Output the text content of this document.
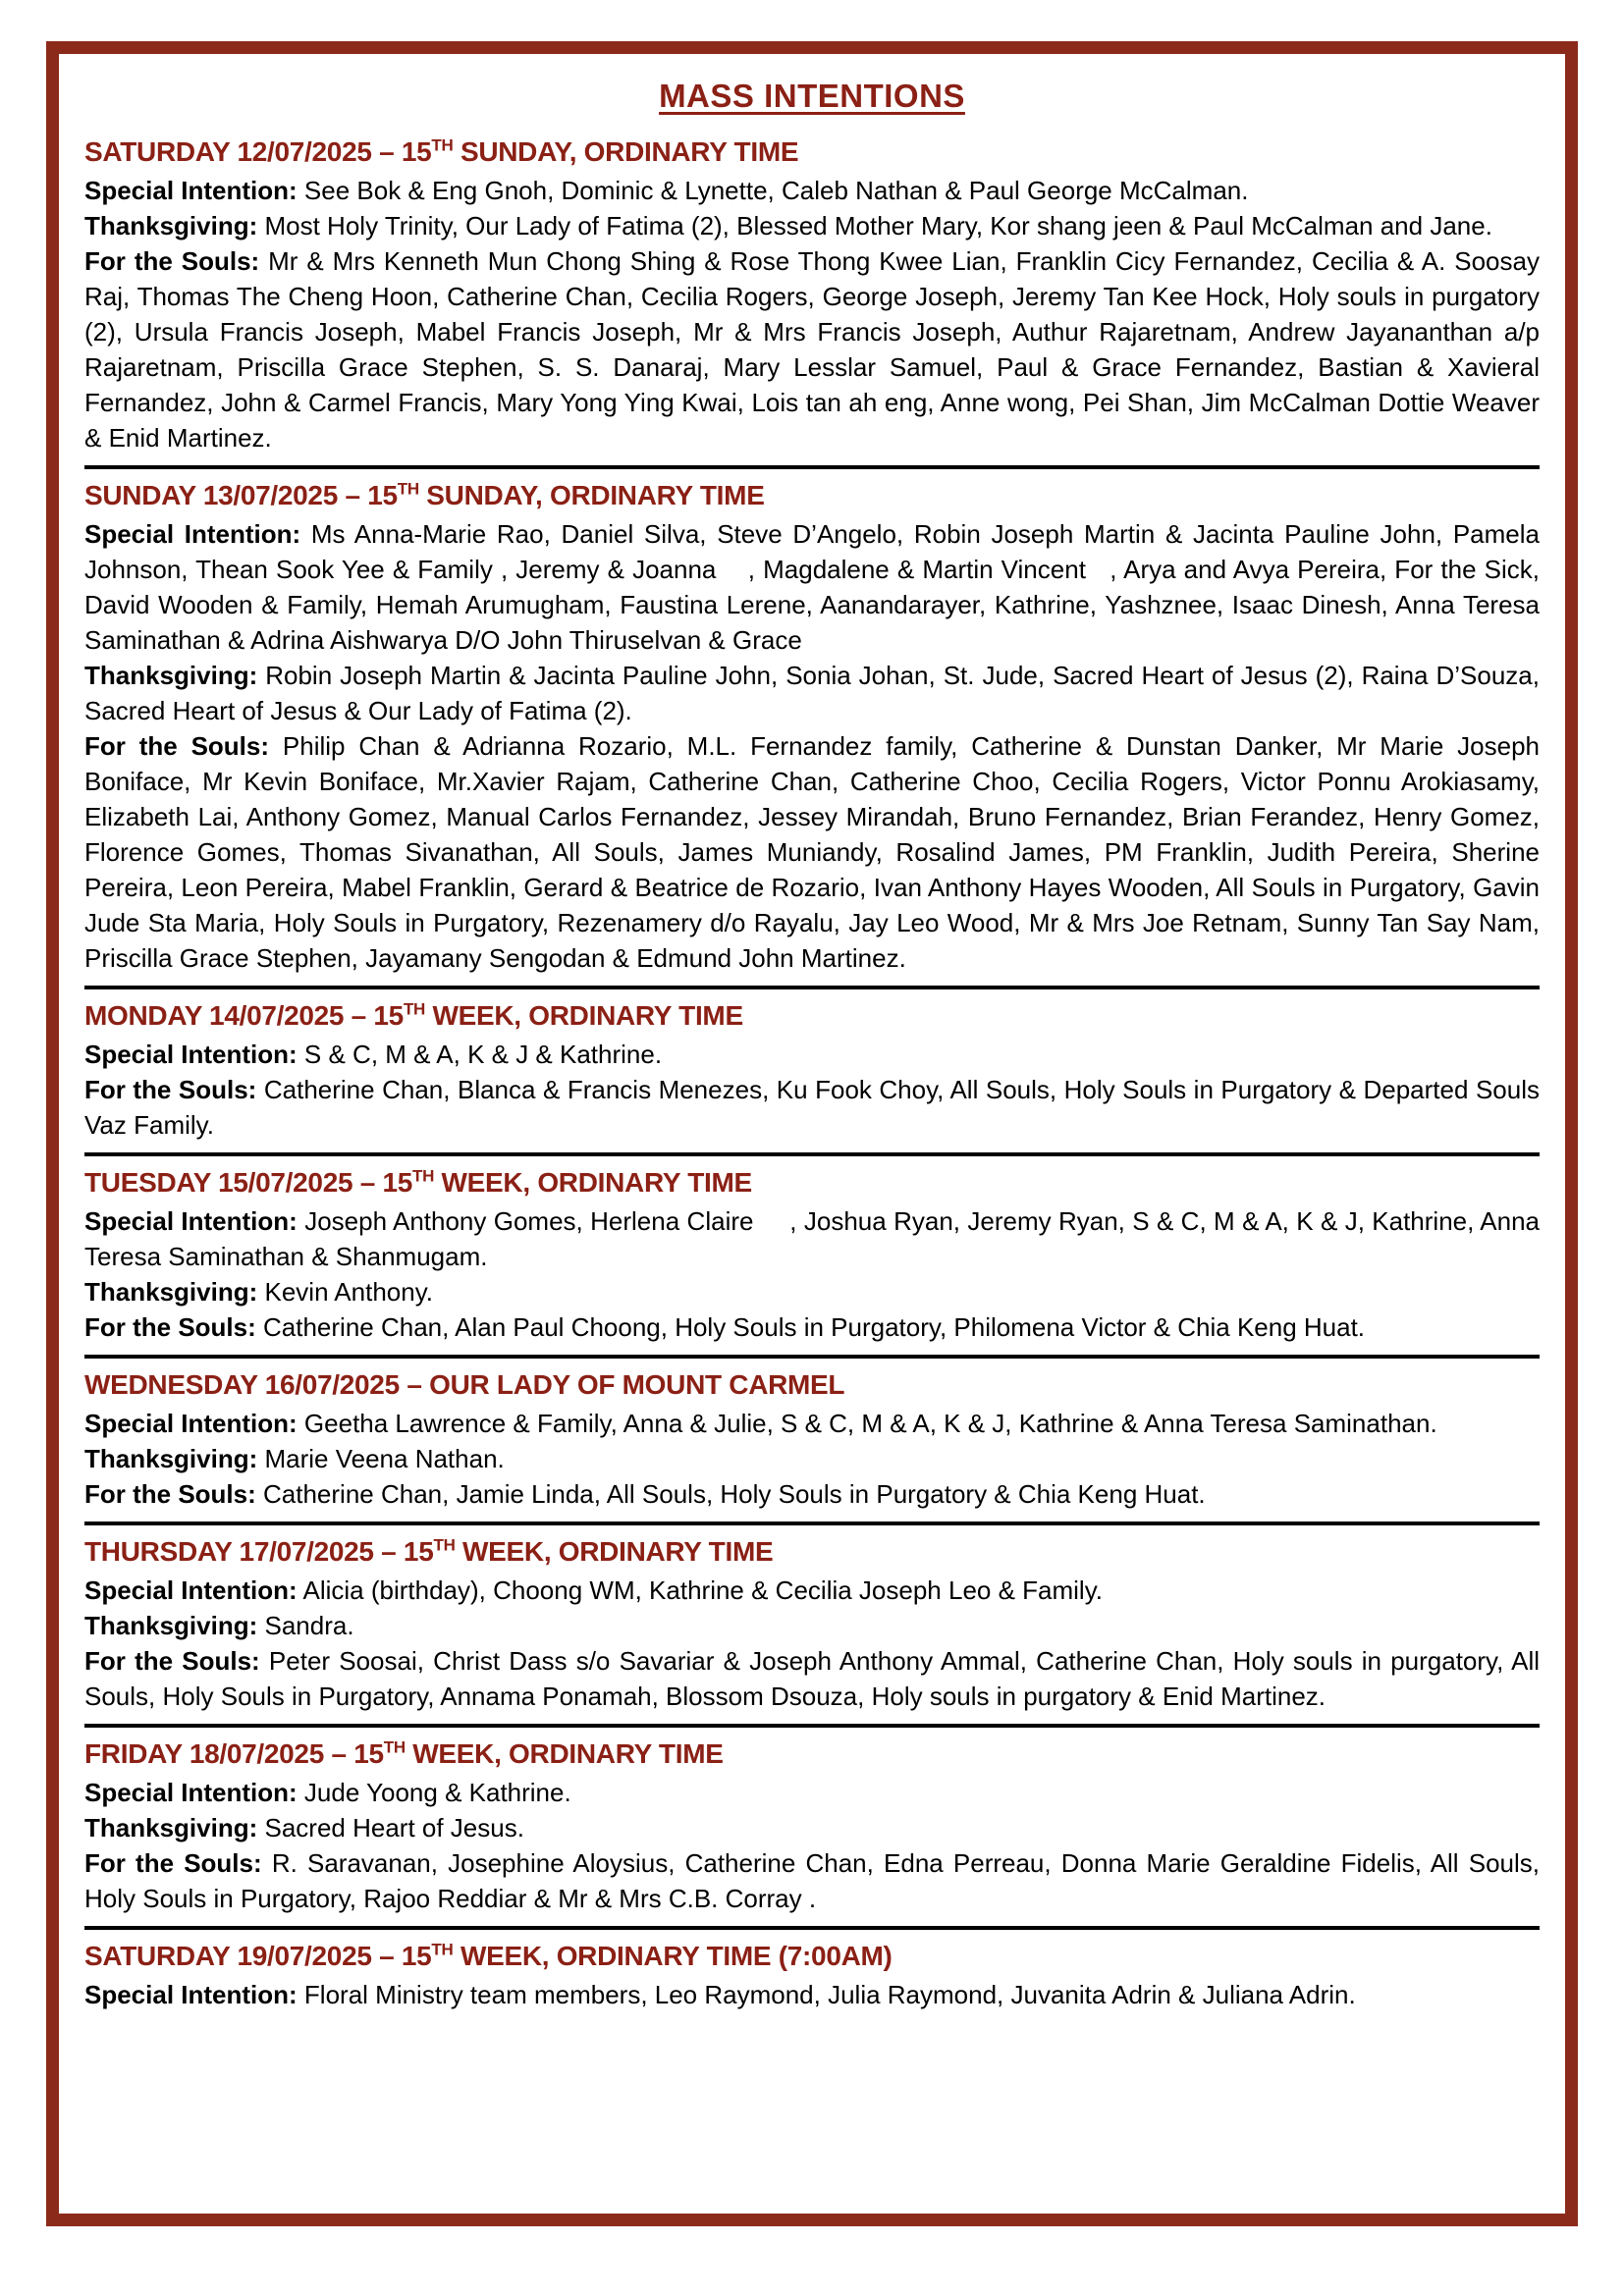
MASS INTENTIONS
SATURDAY 12/07/2025 – 15TH SUNDAY, ORDINARY TIME

Special Intention: See Bok & Eng Gnoh, Dominic & Lynette, Caleb Nathan & Paul George McCalman.

Thanksgiving: Most Holy Trinity, Our Lady of Fatima (2), Blessed Mother Mary, Kor shang jeen & Paul McCalman and Jane.

For the Souls: Mr & Mrs Kenneth Mun Chong Shing & Rose Thong Kwee Lian, Franklin Cicy Fernandez, Cecilia & A. Soosay Raj, Thomas The Cheng Hoon, Catherine Chan, Cecilia Rogers, George Joseph, Jeremy Tan Kee Hock, Holy souls in purgatory (2), Ursula Francis Joseph, Mabel Francis Joseph, Mr & Mrs Francis Joseph, Authur Rajaretnam, Andrew Jayananthan a/p Rajaretnam, Priscilla Grace Stephen, S. S. Danaraj, Mary Lesslar Samuel, Paul & Grace Fernandez, Bastian & Xavieral Fernandez, John & Carmel Francis, Mary Yong Ying Kwai, Lois tan ah eng, Anne wong, Pei Shan, Jim McCalman Dottie Weaver & Enid Martinez.

SUNDAY 13/07/2025 – 15TH SUNDAY, ORDINARY TIME

Special Intention: Ms Anna-Marie Rao, Daniel Silva, Steve D’Angelo, Robin Joseph Martin & Jacinta Pauline John, Pamela Johnson, Thean Sook Yee & Family , Jeremy & Joanna    , Magdalene & Martin Vincent   , Arya and Avya Pereira, For the Sick, David Wooden & Family, Hemah Arumugham, Faustina Lerene, Aanandarayer, Kathrine, Yashznee, Isaac Dinesh, Anna Teresa Saminathan & Adrina Aishwarya D/O John Thiruselvan & Grace

Thanksgiving: Robin Joseph Martin & Jacinta Pauline John, Sonia Johan, St. Jude, Sacred Heart of Jesus (2), Raina D’Souza, Sacred Heart of Jesus & Our Lady of Fatima (2).

For the Souls: Philip Chan & Adrianna Rozario, M.L. Fernandez family, Catherine & Dunstan Danker, Mr Marie Joseph Boniface, Mr Kevin Boniface, Mr.Xavier Rajam, Catherine Chan, Catherine Choo, Cecilia Rogers, Victor Ponnu Arokiasamy, Elizabeth Lai, Anthony Gomez, Manual Carlos Fernandez, Jessey Mirandah, Bruno Fernandez, Brian Ferandez, Henry Gomez, Florence Gomes, Thomas Sivanathan, All Souls, James Muniandy, Rosalind James, PM Franklin, Judith Pereira, Sherine Pereira, Leon Pereira, Mabel Franklin, Gerard & Beatrice de Rozario, Ivan Anthony Hayes Wooden, All Souls in Purgatory, Gavin Jude Sta Maria, Holy Souls in Purgatory, Rezenamery d/o Rayalu, Jay Leo Wood, Mr & Mrs Joe Retnam, Sunny Tan Say Nam, Priscilla Grace Stephen, Jayamany Sengodan & Edmund John Martinez.

MONDAY 14/07/2025 – 15TH WEEK, ORDINARY TIME

Special Intention: S & C, M & A, K & J & Kathrine.

For the Souls: Catherine Chan, Blanca & Francis Menezes, Ku Fook Choy, All Souls, Holy Souls in Purgatory & Departed Souls Vaz Family.

TUESDAY 15/07/2025 – 15TH WEEK, ORDINARY TIME

Special Intention: Joseph Anthony Gomes, Herlena Claire     , Joshua Ryan, Jeremy Ryan, S & C, M & A, K & J, Kathrine, Anna Teresa Saminathan & Shanmugam.

Thanksgiving: Kevin Anthony.

For the Souls: Catherine Chan, Alan Paul Choong, Holy Souls in Purgatory, Philomena Victor & Chia Keng Huat.

WEDNESDAY 16/07/2025 – OUR LADY OF MOUNT CARMEL

Special Intention: Geetha Lawrence & Family, Anna & Julie, S & C, M & A, K & J, Kathrine & Anna Teresa Saminathan.

Thanksgiving: Marie Veena Nathan.

For the Souls: Catherine Chan, Jamie Linda, All Souls, Holy Souls in Purgatory & Chia Keng Huat.

THURSDAY 17/07/2025 – 15TH WEEK, ORDINARY TIME

Special Intention: Alicia (birthday), Choong WM, Kathrine & Cecilia Joseph Leo & Family.

Thanksgiving: Sandra.

For the Souls: Peter Soosai, Christ Dass s/o Savariar & Joseph Anthony Ammal, Catherine Chan, Holy souls in purgatory, All Souls, Holy Souls in Purgatory, Annama Ponamah, Blossom Dsouza, Holy souls in purgatory & Enid Martinez.

FRIDAY 18/07/2025 – 15TH WEEK, ORDINARY TIME

Special Intention: Jude Yoong & Kathrine.

Thanksgiving: Sacred Heart of Jesus.

For the Souls: R. Saravanan, Josephine Aloysius, Catherine Chan, Edna Perreau, Donna Marie Geraldine Fidelis, All Souls, Holy Souls in Purgatory, Rajoo Reddiar & Mr & Mrs C.B. Corray .

SATURDAY 19/07/2025 – 15TH WEEK, ORDINARY TIME (7:00AM)

Special Intention: Floral Ministry team members, Leo Raymond, Julia Raymond, Juvanita Adrin & Juliana Adrin.
